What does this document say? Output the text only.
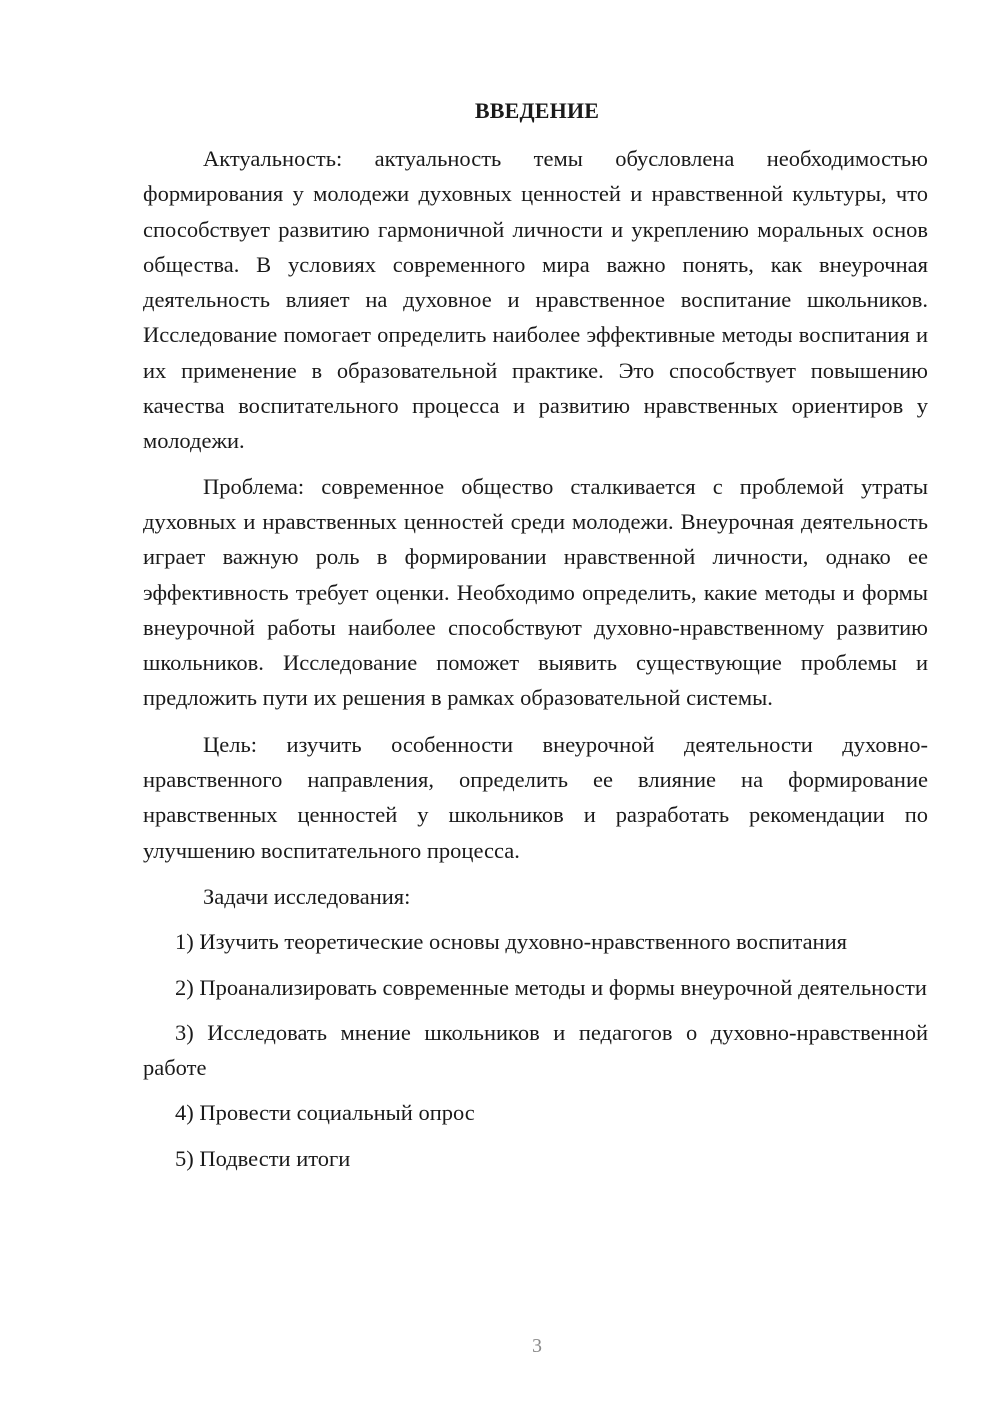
ВВЕДЕНИЕ

Актуальность: актуальность темы обусловлена необходимостью формирования у молодежи духовных ценностей и нравственной культуры, что способствует развитию гармоничной личности и укреплению моральных основ общества. В условиях современного мира важно понять, как внеурочная деятельность влияет на духовное и нравственное воспитание школьников. Исследование помогает определить наиболее эффективные методы воспитания и их применение в образовательной практике. Это способствует повышению качества воспитательного процесса и развитию нравственных ориентиров у молодежи.

Проблема: современное общество сталкивается с проблемой утраты духовных и нравственных ценностей среди молодежи. Внеурочная деятельность играет важную роль в формировании нравственной личности, однако ее эффективность требует оценки. Необходимо определить, какие методы и формы внеурочной работы наиболее способствуют духовно-нравственному развитию школьников. Исследование поможет выявить существующие проблемы и предложить пути их решения в рамках образовательной системы.

Цель: изучить особенности внеурочной деятельности духовно-нравственного направления, определить ее влияние на формирование нравственных ценностей у школьников и разработать рекомендации по улучшению воспитательного процесса.

Задачи исследования:

1) Изучить теоретические основы духовно-нравственного воспитания

2) Проанализировать современные методы и формы внеурочной деятельности

3) Исследовать мнение школьников и педагогов о духовно-нравственной работе

4) Провести социальный опрос

5) Подвести итоги

3
